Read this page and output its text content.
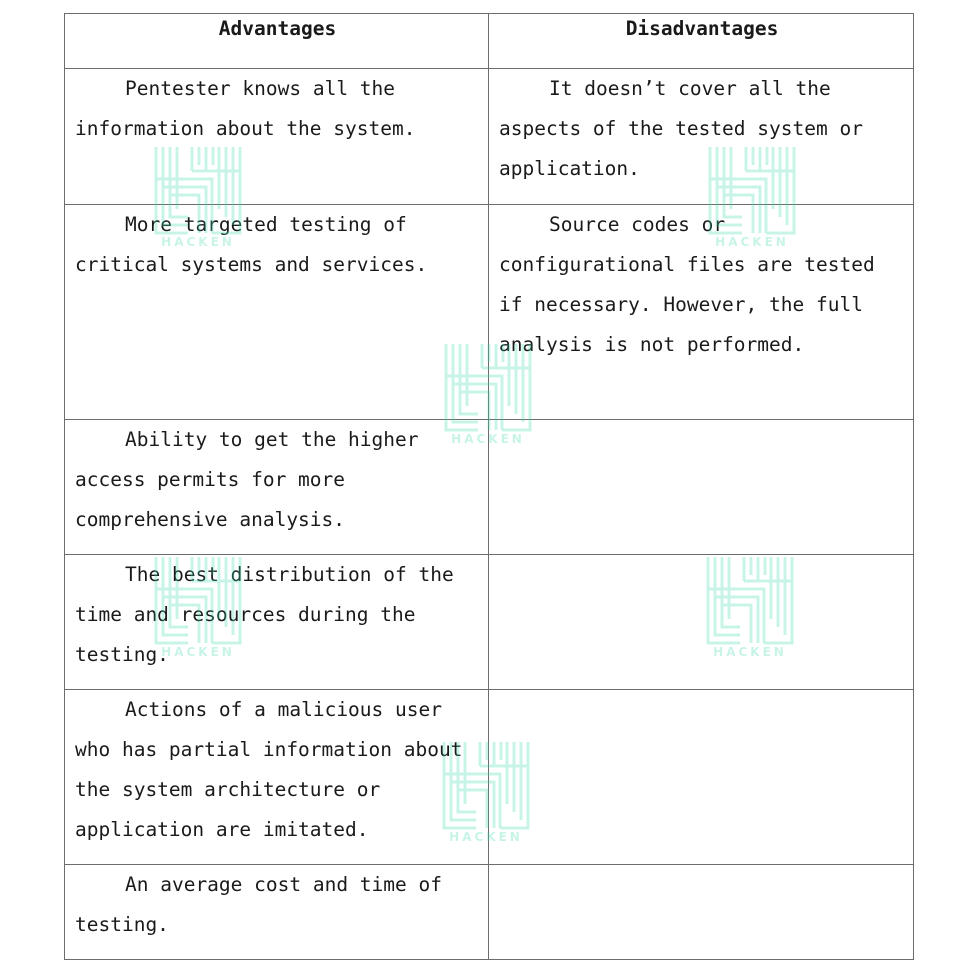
Advantages	Disadvantages

Pentester knows all the information about the system.	It doesn’t cover all the aspects of the tested system or application.

More targeted testing of critical systems and services.	Source codes or configurational files are tested if necessary. However, the full analysis is not performed.

Ability to get the higher access permits for more comprehensive analysis.	

The best distribution of the time and resources during the testing.	

Actions of a malicious user who has partial information about the system architecture or application are imitated.	

An average cost and time of testing.	

HACKEN	HACKEN
HACKEN
HACKEN	HACKEN
HACKEN
